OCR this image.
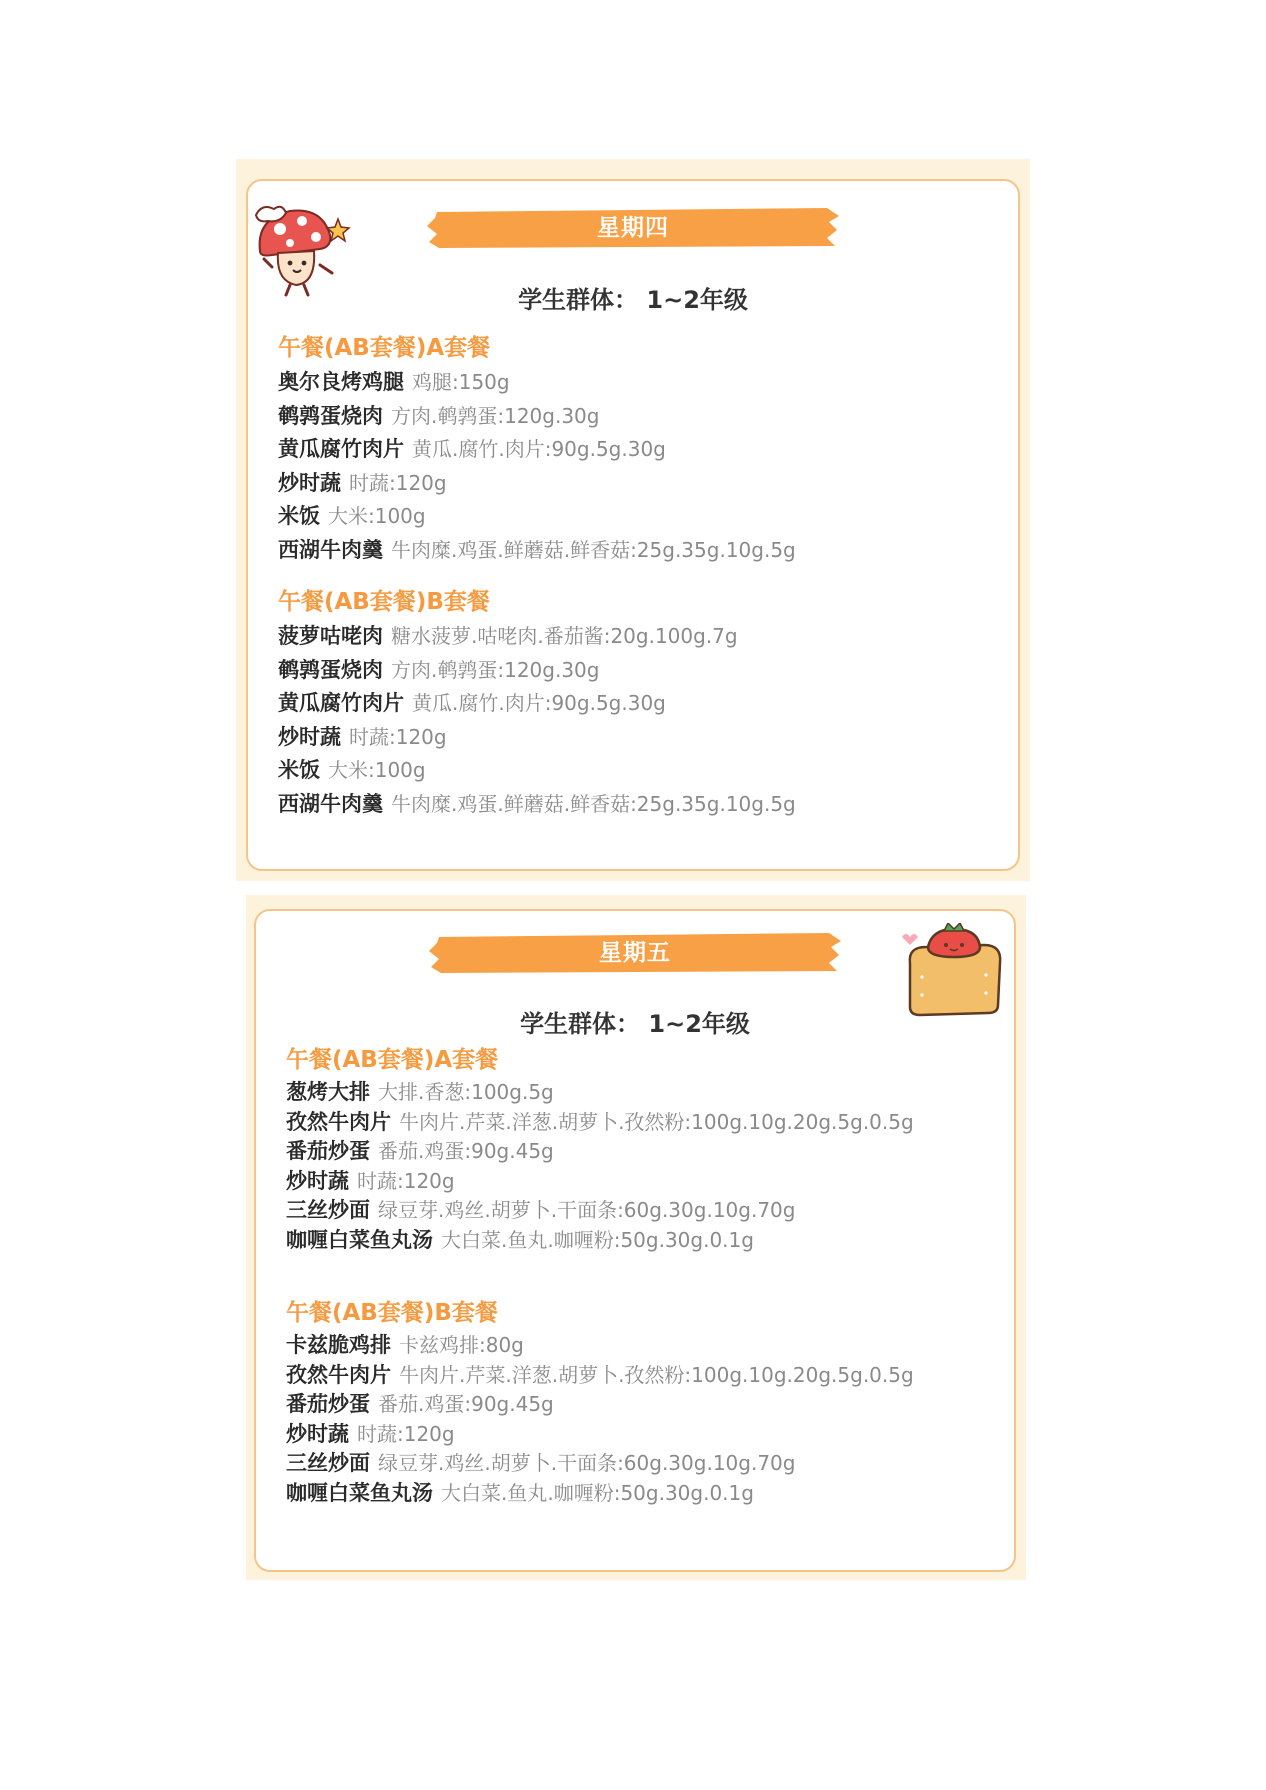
星期四
学生群体： 1~2年级
午餐(AB套餐)A套餐
奥尔良烤鸡腿 鸡腿:150g
鹌鹑蛋烧肉 方肉.鹌鹑蛋:120g.30g
黄瓜腐竹肉片 黄瓜.腐竹.肉片:90g.5g.30g
炒时蔬 时蔬:120g
米饭 大米:100g
西湖牛肉羹 牛肉糜.鸡蛋.鲜蘑菇.鲜香菇:25g.35g.10g.5g
午餐(AB套餐)B套餐
菠萝咕咾肉 糖水菠萝.咕咾肉.番茄酱:20g.100g.7g
鹌鹑蛋烧肉 方肉.鹌鹑蛋:120g.30g
黄瓜腐竹肉片 黄瓜.腐竹.肉片:90g.5g.30g
炒时蔬 时蔬:120g
米饭 大米:100g
西湖牛肉羹 牛肉糜.鸡蛋.鲜蘑菇.鲜香菇:25g.35g.10g.5g
星期五
学生群体： 1~2年级
午餐(AB套餐)A套餐
葱烤大排 大排.香葱:100g.5g
孜然牛肉片 牛肉片.芹菜.洋葱.胡萝卜.孜然粉:100g.10g.20g.5g.0.5g
番茄炒蛋 番茄.鸡蛋:90g.45g
炒时蔬 时蔬:120g
三丝炒面 绿豆芽.鸡丝.胡萝卜.干面条:60g.30g.10g.70g
咖喱白菜鱼丸汤 大白菜.鱼丸.咖喱粉:50g.30g.0.1g
午餐(AB套餐)B套餐
卡兹脆鸡排 卡兹鸡排:80g
孜然牛肉片 牛肉片.芹菜.洋葱.胡萝卜.孜然粉:100g.10g.20g.5g.0.5g
番茄炒蛋 番茄.鸡蛋:90g.45g
炒时蔬 时蔬:120g
三丝炒面 绿豆芽.鸡丝.胡萝卜.干面条:60g.30g.10g.70g
咖喱白菜鱼丸汤 大白菜.鱼丸.咖喱粉:50g.30g.0.1g
